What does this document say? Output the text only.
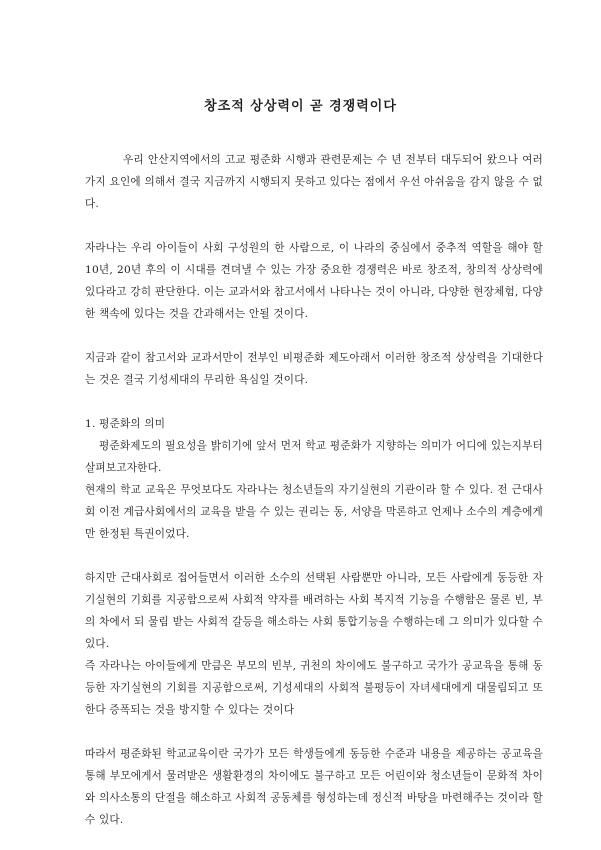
창조적 상상력이 곧 경쟁력이다

우리 안산지역에서의 고교 평준화 시행과 관련문제는 수 년 전부터 대두되어 왔으나 여러 가지 요인에 의해서 결국 지금까지 시행되지 못하고 있다는 점에서 우선 아쉬움을 감지 않을 수 없다.

자라나는 우리 아이들이 사회 구성원의 한 사람으로, 이 나라의 중심에서 중추적 역할을 해야 할 10년, 20년 후의 이 시대를 견뎌낼 수 있는 가장 중요한 경쟁력은 바로 창조적, 창의적 상상력에 있다라고 강히 판단한다. 이는 교과서와 참고서에서 나타나는 것이 아니라, 다양한 현장체험, 다양한 책속에 있다는 것을 간과해서는 안될 것이다.

지금과 같이 참고서와 교과서만이 전부인 비평준화 제도아래서 이러한 창조적 상상력을 기대한다는 것은 결국 기성세대의 무리한 욕심일 것이다.

1. 평준화의 의미

평준화제도의 필요성을 밝히기에 앞서 먼저 학교 평준화가 지향하는 의미가 어디에 있는지부터 살펴보고자한다.

현재의 학교 교육은 무엇보다도 자라나는 청소년들의 자기실현의 기관이라 할 수 있다. 전 근대사회 이전 계급사회에서의 교육을 받을 수 있는 권리는 동, 서양을 막론하고 언제나 소수의 계층에게만 한정된 특권이었다.

하지만 근대사회로 접어들면서 이러한 소수의 선택된 사람뿐만 아니라, 모든 사람에게 동등한 자기실현의 기회를 지공함으로써 사회적 약자를 배려하는 사회 복지적 기능을 수행함은 물론 빈, 부의 차에서 되 물림 받는 사회적 갈등을 해소하는 사회 통합기능을 수행하는데 그 의미가 있다할 수 있다.

즉 자라나는 아이들에게 만큼은 부모의 빈부, 귀천의 차이에도 불구하고 국가가 공교육을 통해 동등한 자기실현의 기회를 지공함으로써, 기성세대의 사회적 불평등이 자녀세대에게 대물림되고 또 한다 증폭되는 것을 방지할 수 있다는 것이다

따라서 평준화된 학교교육이란 국가가 모든 학생들에게 동등한 수준과 내용을 제공하는 공교육을 통해 부모에게서 물려받은 생활환경의 차이에도 불구하고 모든 어린이와 청소년들이 문화적 차이와 의사소통의 단절을 해소하고 사회적 공동체를 형성하는데 정신적 바탕을 마련해주는 것이라 할 수 있다.
